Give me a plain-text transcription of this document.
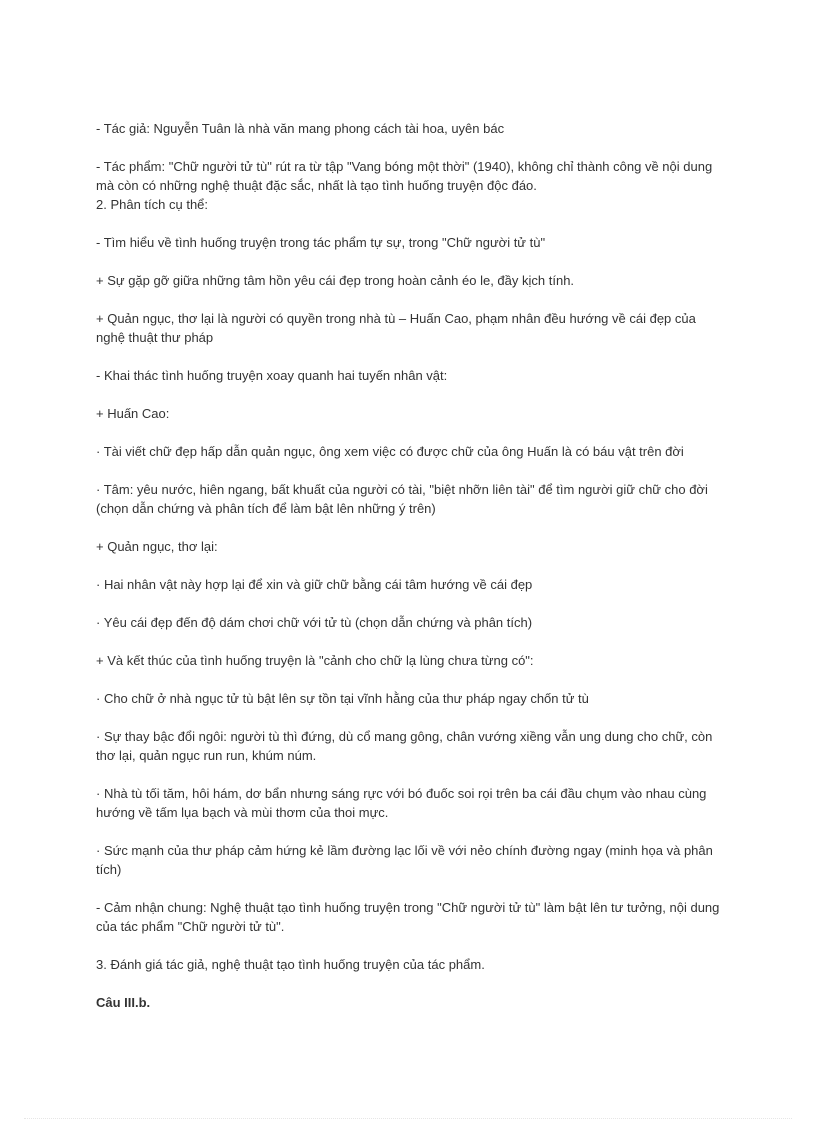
- Tác giả: Nguyễn Tuân là nhà văn mang phong cách tài hoa, uyên bác

- Tác phẩm: "Chữ người tử tù" rút ra từ tập "Vang bóng một thời" (1940), không chỉ thành công về nội dung mà còn có những nghệ thuật đặc sắc, nhất là tạo tình huống truyện độc đáo.

2. Phân tích cụ thể:

- Tìm hiểu về tình huống truyện trong tác phẩm tự sự, trong "Chữ người tử tù"

+ Sự gặp gỡ giữa những tâm hồn yêu cái đẹp trong hoàn cảnh éo le, đầy kịch tính.

+ Quản ngục, thơ lại là người có quyền trong nhà tù – Huấn Cao, phạm nhân đều hướng về cái đẹp của nghệ thuật thư pháp

- Khai thác tình huống truyện xoay quanh hai tuyến nhân vật:

+ Huấn Cao:

· Tài viết chữ đẹp hấp dẫn quản ngục, ông xem việc có được chữ của ông Huấn là có báu vật trên đời

· Tâm: yêu nước, hiên ngang, bất khuất của người có tài, "biệt nhỡn liên tài" để tìm người giữ chữ cho đời (chọn dẫn chứng và phân tích để làm bật lên những ý trên)

+ Quản ngục, thơ lại:

· Hai nhân vật này hợp lại để xin và giữ chữ bằng cái tâm hướng về cái đẹp

· Yêu cái đẹp đến độ dám chơi chữ với tử tù (chọn dẫn chứng và phân tích)

+ Và kết thúc của tình huống truyện là "cảnh cho chữ lạ lùng chưa từng có":

· Cho chữ ở nhà ngục tử tù bật lên sự tồn tại vĩnh hằng của thư pháp ngay chốn tử tù

· Sự thay bậc đổi ngôi: người tù thì đứng, dù cổ mang gông, chân vướng xiềng vẫn ung dung cho chữ, còn thơ lại, quản ngục run run, khúm núm.

· Nhà tù tối tăm, hôi hám, dơ bẩn nhưng sáng rực với bó đuốc soi rọi trên ba cái đầu chụm vào nhau cùng hướng về tấm lụa bạch và mùi thơm của thoi mực.

· Sức mạnh của thư pháp cảm hứng kẻ lầm đường lạc lối về với nẻo chính đường ngay (minh họa và phân tích)

- Cảm nhận chung: Nghệ thuật tạo tình huống truyện trong "Chữ người tử tù" làm bật lên tư tưởng, nội dung của tác phẩm "Chữ người tử tù".

3. Đánh giá tác giả, nghệ thuật tạo tình huống truyện của tác phẩm.

Câu III.b.
